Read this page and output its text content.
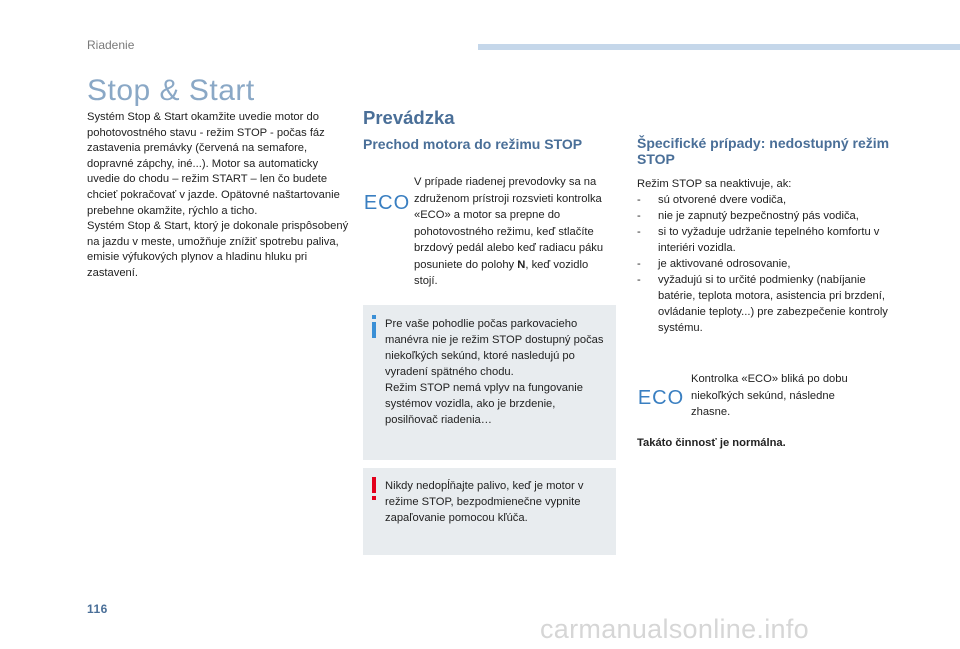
Riadenie
Stop & Start

Systém Stop & Start okamžite uvedie motor do pohotovostného stavu - režim STOP - počas fáz zastavenia premávky (červená na semafore, dopravné zápchy, iné...). Motor sa automaticky uvedie do chodu – režim START – len čo budete chcieť pokračovať v jazde. Opätovné naštartovanie prebehne okamžite, rýchlo a ticho.

Systém Stop & Start, ktorý je dokonale prispôsobený na jazdu v meste, umožňuje znížiť spotrebu paliva, emisie výfukových plynov a hladinu hluku pri zastavení.

Prevádzka
Prechod motora do režimu STOP
ECO
V prípade riadenej prevodovky sa na združenom prístroji rozsvieti kontrolka «ECO» a motor sa prepne do pohotovostného režimu, keď stlačíte brzdový pedál alebo keď radiacu páku posuniete do polohy N, keď vozidlo stojí.

Pre vaše pohodlie počas parkovacieho manévra nie je režim STOP dostupný počas niekoľkých sekúnd, ktoré nasledujú po vyradení spätného chodu.

Režim STOP nemá vplyv na fungovanie systémov vozidla, ako je brzdenie, posilňovač riadenia…

Nikdy nedopĺňajte palivo, keď je motor v režime STOP, bezpodmienečne vypnite zapaľovanie pomocou kľúča.

Špecifické prípady: nedostupný režim STOP
Režim STOP sa neaktivuje, ak:
- sú otvorené dvere vodiča,
- nie je zapnutý bezpečnostný pás vodiča,
- si to vyžaduje udržanie tepelného komfortu v interiéri vozidla.
- je aktivované odrosovanie,
- vyžadujú si to určité podmienky (nabíjanie batérie, teplota motora, asistencia pri brzdení, ovládanie teploty...) pre zabezpečenie kontroly systému.
ECO
Kontrolka «ECO» bliká po dobu niekoľkých sekúnd, následne zhasne.
Takáto činnosť je normálna.
116
carmanualsonline.info
